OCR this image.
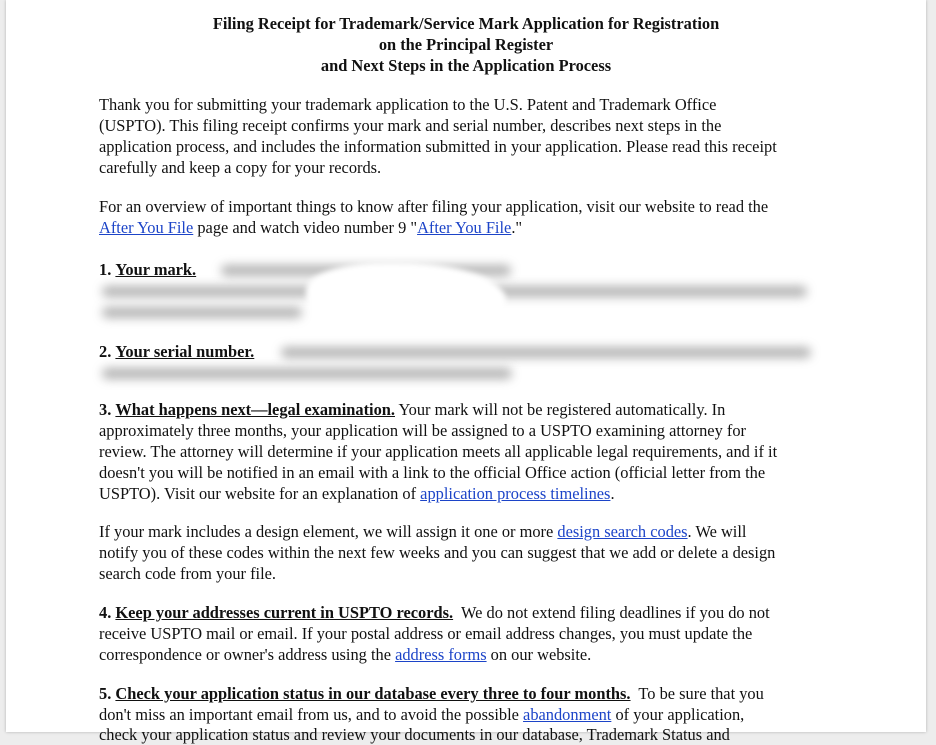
Filing Receipt for Trademark/Service Mark Application for Registration
on the Principal Register
and Next Steps in the Application Process
Thank you for submitting your trademark application to the U.S. Patent and Trademark Office
(USPTO). This filing receipt confirms your mark and serial number, describes next steps in the
application process, and includes the information submitted in your application. Please read this receipt
carefully and keep a copy for your records.
For an overview of important things to know after filing your application, visit our website to read the
After You File page and watch video number 9 "After You File."
1. Your mark.
2. Your serial number.
3. What happens next—legal examination. Your mark will not be registered automatically. In
approximately three months, your application will be assigned to a USPTO examining attorney for
review. The attorney will determine if your application meets all applicable legal requirements, and if it
doesn't you will be notified in an email with a link to the official Office action (official letter from the
USPTO). Visit our website for an explanation of application process timelines.
If your mark includes a design element, we will assign it one or more design search codes. We will
notify you of these codes within the next few weeks and you can suggest that we add or delete a design
search code from your file.
4. Keep your addresses current in USPTO records.  We do not extend filing deadlines if you do not
receive USPTO mail or email. If your postal address or email address changes, you must update the
correspondence or owner's address using the address forms on our website.
5. Check your application status in our database every three to four months.  To be sure that you
don't miss an important email from us, and to avoid the possible abandonment of your application,
check your application status and review your documents in our database, Trademark Status and
